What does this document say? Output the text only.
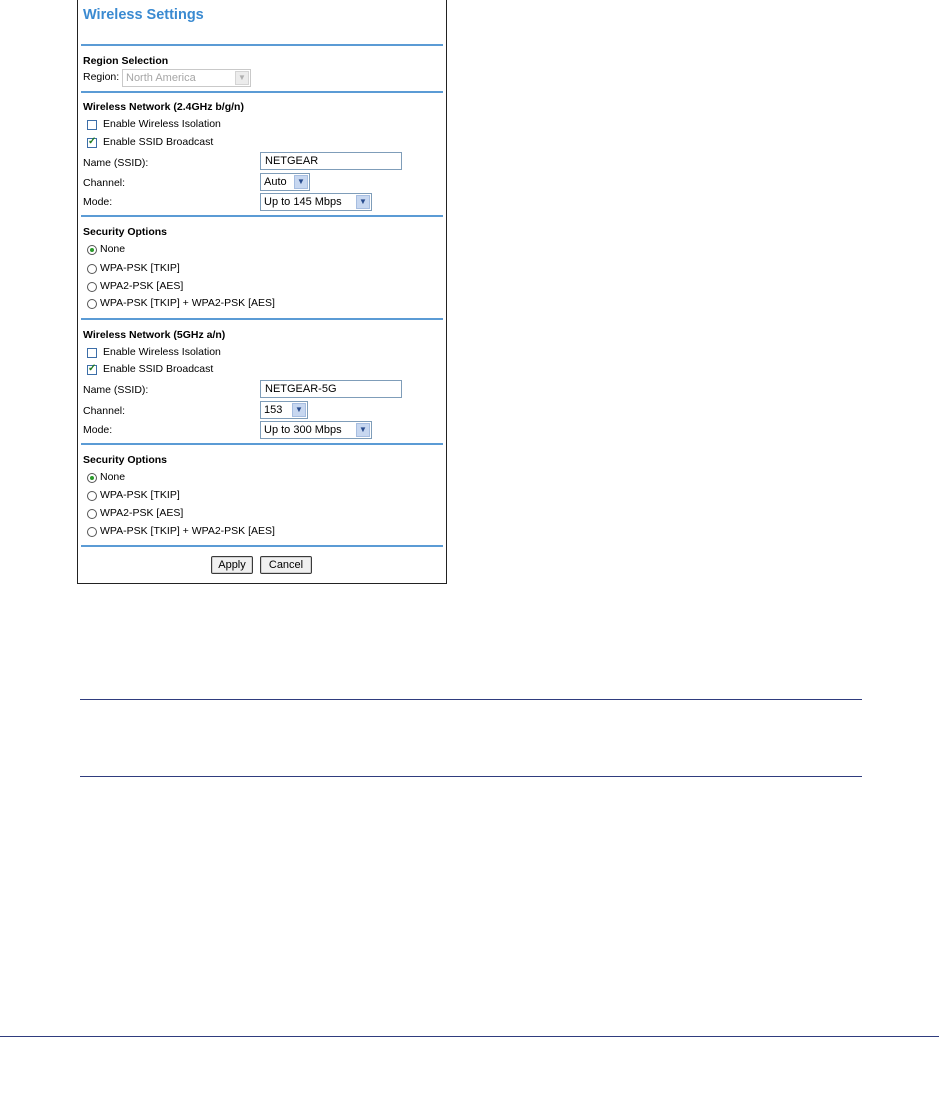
Wireless Settings
Region Selection
Region: North America	▼
Wireless Network (2.4GHz b/g/n)
Enable Wireless Isolation
✓ Enable SSID Broadcast
Name (SSID):	NETGEAR
Channel:	Auto	▼
Mode:	Up to 145 Mbps	▼
Security Options
None
WPA-PSK [TKIP]
WPA2-PSK [AES]
WPA-PSK [TKIP] + WPA2-PSK [AES]
Wireless Network (5GHz a/n)
Enable Wireless Isolation
✓ Enable SSID Broadcast
Name (SSID):	NETGEAR-5G
Channel:	153	▼
Mode:	Up to 300 Mbps	▼
Security Options
None
WPA-PSK [TKIP]
WPA2-PSK [AES]
WPA-PSK [TKIP] + WPA2-PSK [AES]
Apply	Cancel
